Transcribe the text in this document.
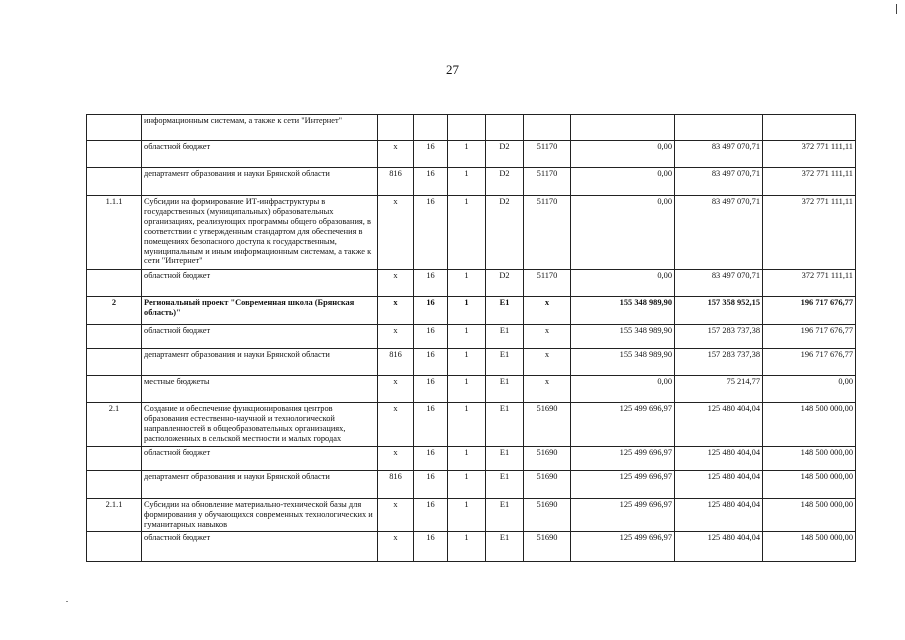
27
	информационным системам, а также к сети "Интернет"								
	областной бюджет	х	16	1	D2	51170	0,00	83 497 070,71	372 771 111,11
	департамент образования и науки Брянской области	816	16	1	D2	51170	0,00	83 497 070,71	372 771 111,11
1.1.1	Субсидии на формирование ИТ-инфраструктуры в государственных (муниципальных) образовательных организациях, реализующих программы общего образования, в соответствии с утвержденным стандартом для обеспечения в помещениях безопасного доступа к государственным, муниципальным и иным информационным системам, а также к сети "Интернет"	х	16	1	D2	51170	0,00	83 497 070,71	372 771 111,11
	областной бюджет	х	16	1	D2	51170	0,00	83 497 070,71	372 771 111,11
2	Региональный проект "Современная школа (Брянская область)"	х	16	1	E1	х	155 348 989,90	157 358 952,15	196 717 676,77
	областной бюджет	х	16	1	E1	х	155 348 989,90	157 283 737,38	196 717 676,77
	департамент образования и науки Брянской области	816	16	1	E1	х	155 348 989,90	157 283 737,38	196 717 676,77
	местные бюджеты	х	16	1	E1	х	0,00	75 214,77	0,00
2.1	Создание и обеспечение функционирования центров образования естественно-научной и технологической направленностей в общеобразовательных организациях, расположенных в сельской местности и малых городах	х	16	1	E1	51690	125 499 696,97	125 480 404,04	148 500 000,00
	областной бюджет	х	16	1	E1	51690	125 499 696,97	125 480 404,04	148 500 000,00
	департамент образования и науки Брянской области	816	16	1	E1	51690	125 499 696,97	125 480 404,04	148 500 000,00
2.1.1	Субсидии на обновление материально-технической базы для формирования у обучающихся современных технологических и гуманитарных навыков	х	16	1	E1	51690	125 499 696,97	125 480 404,04	148 500 000,00
	областной бюджет	х	16	1	E1	51690	125 499 696,97	125 480 404,04	148 500 000,00
